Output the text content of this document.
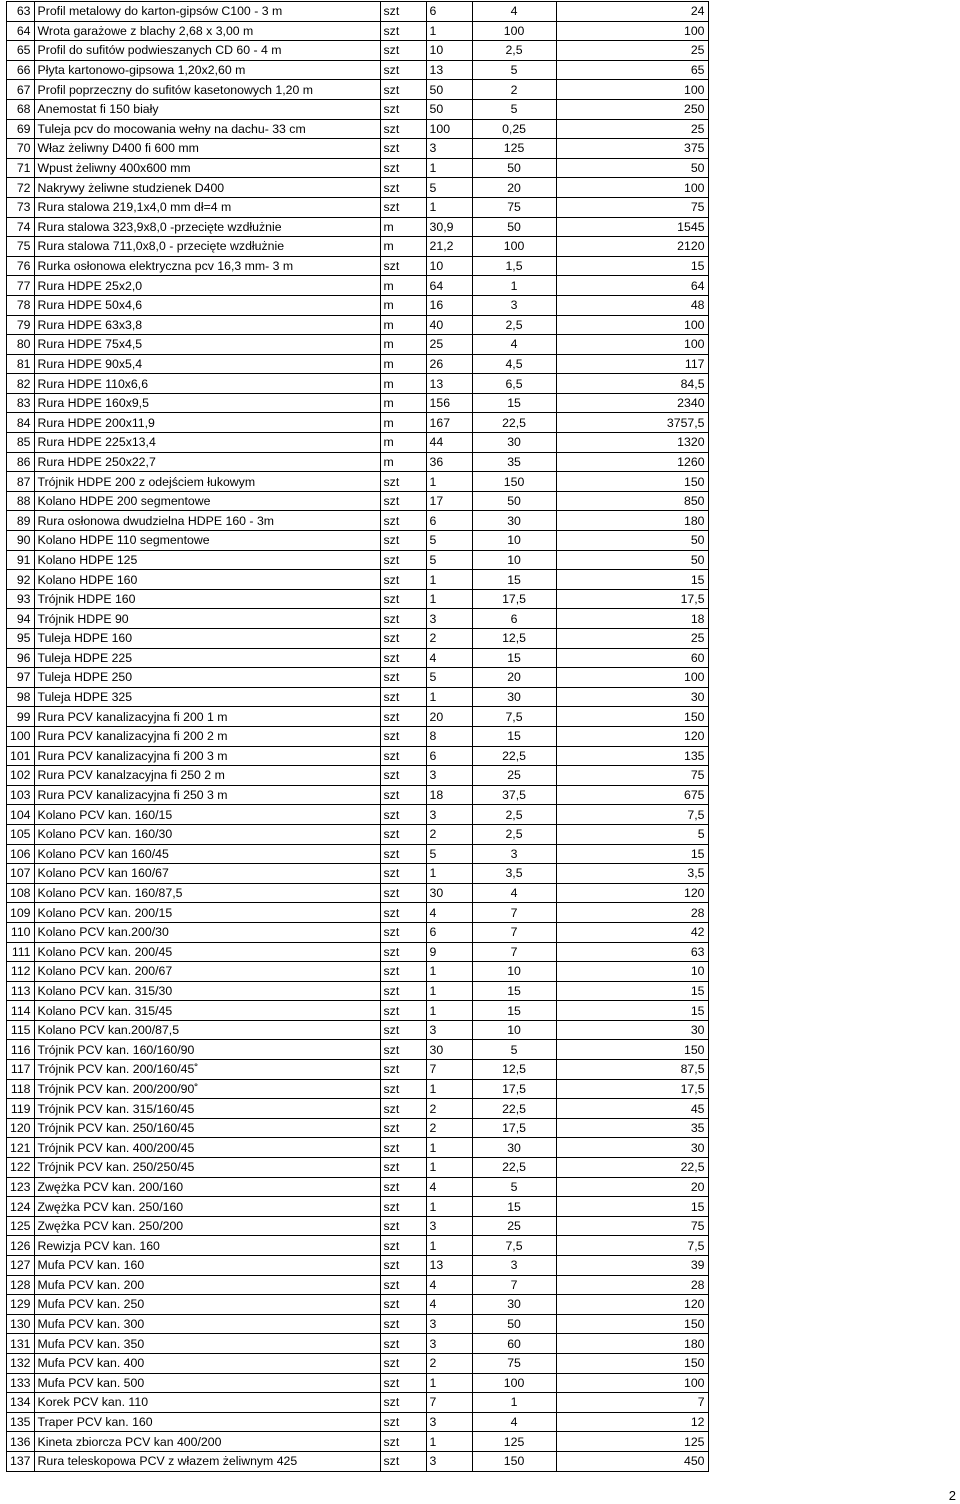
63	Profil metalowy do karton-gipsów C100 - 3 m	szt	6	4	24
64	Wrota garażowe z blachy 2,68 x 3,00 m	szt	1	100	100
65	Profil do sufitów podwieszanych CD 60 - 4 m	szt	10	2,5	25
66	Płyta kartonowo-gipsowa 1,20x2,60 m	szt	13	5	65
67	Profil poprzeczny do sufitów kasetonowych 1,20 m	szt	50	2	100
68	Anemostat fi 150 biały	szt	50	5	250
69	Tuleja pcv do mocowania wełny na dachu- 33 cm	szt	100	0,25	25
70	Właz żeliwny D400 fi 600 mm	szt	3	125	375
71	Wpust żeliwny 400x600 mm	szt	1	50	50
72	Nakrywy żeliwne studzienek D400	szt	5	20	100
73	Rura stalowa 219,1x4,0 mm dł=4 m	szt	1	75	75
74	Rura stalowa 323,9x8,0 -przecięte wzdłużnie	m	30,9	50	1545
75	Rura stalowa 711,0x8,0 - przecięte wzdłużnie	m	21,2	100	2120
76	Rurka osłonowa elektryczna pcv 16,3 mm- 3 m	szt	10	1,5	15
77	Rura HDPE 25x2,0	m	64	1	64
78	Rura HDPE 50x4,6	m	16	3	48
79	Rura HDPE 63x3,8	m	40	2,5	100
80	Rura HDPE 75x4,5	m	25	4	100
81	Rura HDPE 90x5,4	m	26	4,5	117
82	Rura HDPE 110x6,6	m	13	6,5	84,5
83	Rura HDPE 160x9,5	m	156	15	2340
84	Rura HDPE 200x11,9	m	167	22,5	3757,5
85	Rura HDPE 225x13,4	m	44	30	1320
86	Rura HDPE 250x22,7	m	36	35	1260
87	Trójnik HDPE 200 z odejściem łukowym	szt	1	150	150
88	Kolano HDPE 200 segmentowe	szt	17	50	850
89	Rura osłonowa dwudzielna HDPE 160 - 3m	szt	6	30	180
90	Kolano HDPE 110 segmentowe	szt	5	10	50
91	Kolano HDPE 125	szt	5	10	50
92	Kolano HDPE 160	szt	1	15	15
93	Trójnik HDPE 160	szt	1	17,5	17,5
94	Trójnik HDPE 90	szt	3	6	18
95	Tuleja HDPE 160	szt	2	12,5	25
96	Tuleja HDPE 225	szt	4	15	60
97	Tuleja HDPE 250	szt	5	20	100
98	Tuleja HDPE 325	szt	1	30	30
99	Rura PCV kanalizacyjna fi 200 1 m	szt	20	7,5	150
100	Rura PCV kanalizacyjna fi 200 2 m	szt	8	15	120
101	Rura PCV kanalizacyjna fi 200 3 m	szt	6	22,5	135
102	Rura PCV kanalzacyjna fi 250 2 m	szt	3	25	75
103	Rura PCV kanalizacyjna fi 250 3 m	szt	18	37,5	675
104	Kolano PCV kan. 160/15	szt	3	2,5	7,5
105	Kolano PCV kan. 160/30	szt	2	2,5	5
106	Kolano PCV kan 160/45	szt	5	3	15
107	Kolano PCV kan 160/67	szt	1	3,5	3,5
108	Kolano PCV kan. 160/87,5	szt	30	4	120
109	Kolano PCV kan. 200/15	szt	4	7	28
110	Kolano PCV kan.200/30	szt	6	7	42
111	Kolano PCV kan. 200/45	szt	9	7	63
112	Kolano PCV kan. 200/67	szt	1	10	10
113	Kolano PCV kan. 315/30	szt	1	15	15
114	Kolano PCV kan. 315/45	szt	1	15	15
115	Kolano PCV kan.200/87,5	szt	3	10	30
116	Trójnik PCV kan. 160/160/90	szt	30	5	150
117	Trójnik PCV kan. 200/160/45˚	szt	7	12,5	87,5
118	Trójnik PCV kan. 200/200/90˚	szt	1	17,5	17,5
119	Trójnik PCV kan. 315/160/45	szt	2	22,5	45
120	Trójnik PCV kan. 250/160/45	szt	2	17,5	35
121	Trójnik PCV kan. 400/200/45	szt	1	30	30
122	Trójnik PCV kan. 250/250/45	szt	1	22,5	22,5
123	Zwężka PCV kan. 200/160	szt	4	5	20
124	Zwężka PCV kan. 250/160	szt	1	15	15
125	Zwężka PCV kan. 250/200	szt	3	25	75
126	Rewizja PCV kan. 160	szt	1	7,5	7,5
127	Mufa PCV kan. 160	szt	13	3	39
128	Mufa PCV kan. 200	szt	4	7	28
129	Mufa PCV kan. 250	szt	4	30	120
130	Mufa PCV kan. 300	szt	3	50	150
131	Mufa PCV kan. 350	szt	3	60	180
132	Mufa PCV kan. 400	szt	2	75	150
133	Mufa PCV kan. 500	szt	1	100	100
134	Korek PCV kan. 110	szt	7	1	7
135	Traper PCV kan. 160	szt	3	4	12
136	Kineta zbiorcza PCV kan 400/200	szt	1	125	125
137	Rura teleskopowa PCV z włazem żeliwnym 425	szt	3	150	450
2
